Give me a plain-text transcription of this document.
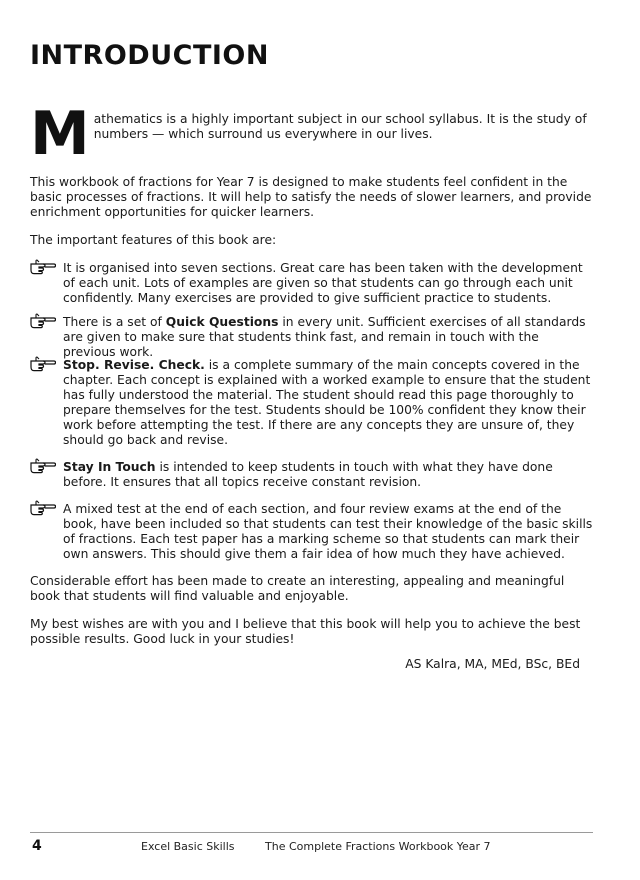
INTRODUCTION
M athematics is a highly important subject in our school syllabus. It is the study of numbers — which surround us everywhere in our lives.

This workbook of fractions for Year 7 is designed to make students feel confident in the basic processes of fractions. It will help to satisfy the needs of slower learners, and provide enrichment opportunities for quicker learners.

The important features of this book are:

It is organised into seven sections. Great care has been taken with the development of each unit. Lots of examples are given so that students can go through each unit confidently. Many exercises are provided to give sufficient practice to students.
There is a set of Quick Questions in every unit. Sufficient exercises of all standards are given to make sure that students think fast, and remain in touch with the previous work.
Stop. Revise. Check. is a complete summary of the main concepts covered in the chapter. Each concept is explained with a worked example to ensure that the student has fully understood the material. The student should read this page thoroughly to prepare themselves for the test. Students should be 100% confident they know their work before attempting the test. If there are any concepts they are unsure of, they should go back and revise.
Stay In Touch is intended to keep students in touch with what they have done before. It ensures that all topics receive constant revision.
A mixed test at the end of each section, and four review exams at the end of the book, have been included so that students can test their knowledge of the basic skills of fractions. Each test paper has a marking scheme so that students can mark their own answers. This should give them a fair idea of how much they have achieved.

Considerable effort has been made to create an interesting, appealing and meaningful book that students will find valuable and enjoyable.

My best wishes are with you and I believe that this book will help you to achieve the best possible results. Good luck in your studies!

AS Kalra, MA, MEd, BSc, BEd
4	Excel Basic Skills	The Complete Fractions Workbook Year 7
